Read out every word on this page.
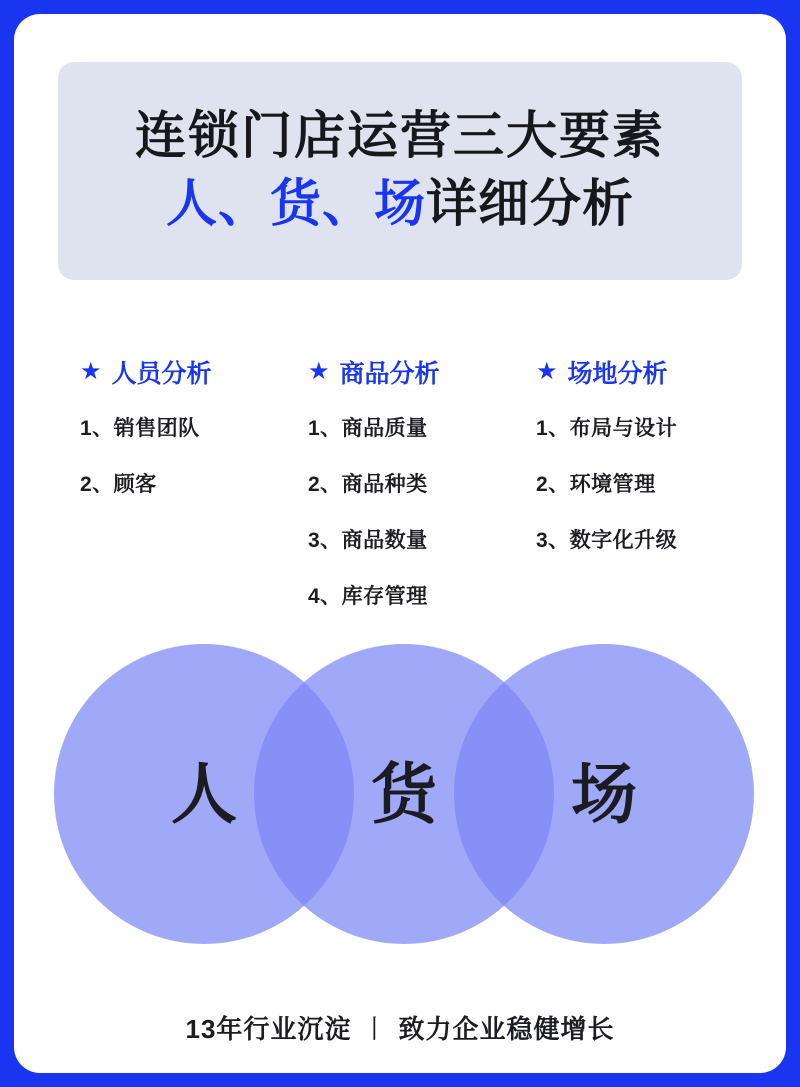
连锁门店运营三大要素
人、货、场详细分析
★ 人员分析
1、销售团队
2、顾客
★ 商品分析
1、商品质量
2、商品种类
3、商品数量
4、库存管理
★ 场地分析
1、布局与设计
2、环境管理
3、数字化升级
人 货 场
13年行业沉淀 丨 致力企业稳健增长
